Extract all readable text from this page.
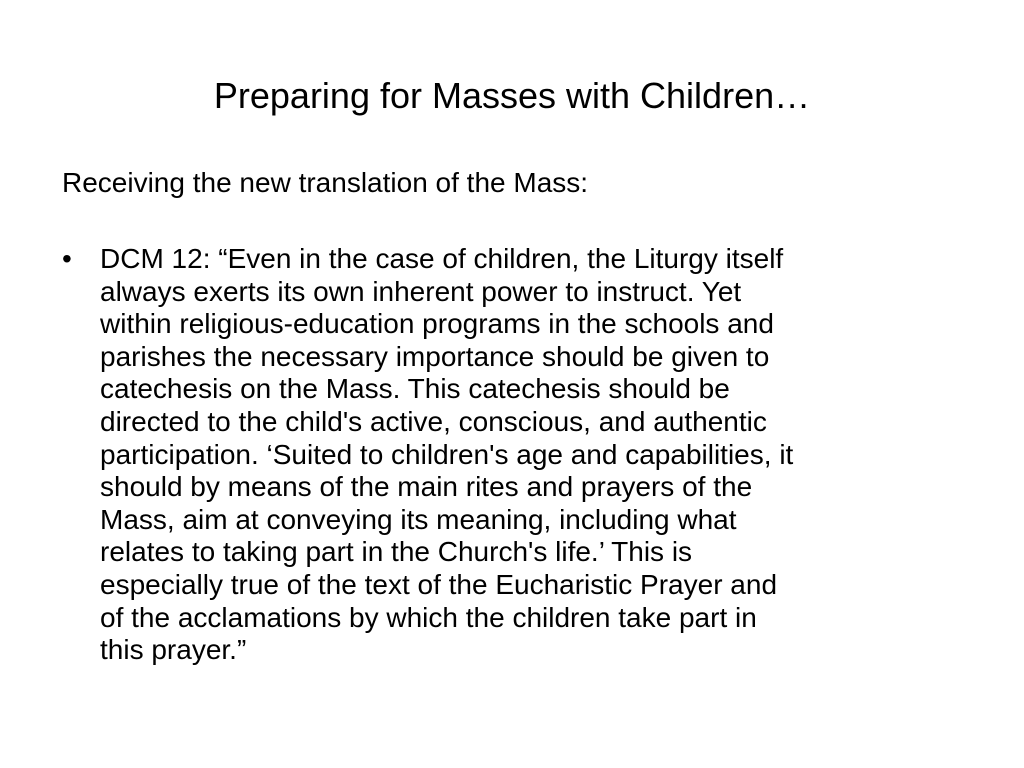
Preparing for Masses with Children…

Receiving the new translation of the Mass:

• DCM 12: “Even in the case of children, the Liturgy itself
always exerts its own inherent power to instruct. Yet
within religious-education programs in the schools and
parishes the necessary importance should be given to
catechesis on the Mass. This catechesis should be
directed to the child's active, conscious, and authentic
participation. ‘Suited to children's age and capabilities, it
should by means of the main rites and prayers of the
Mass, aim at conveying its meaning, including what
relates to taking part in the Church's life.’ This is
especially true of the text of the Eucharistic Prayer and
of the acclamations by which the children take part in
this prayer.”
